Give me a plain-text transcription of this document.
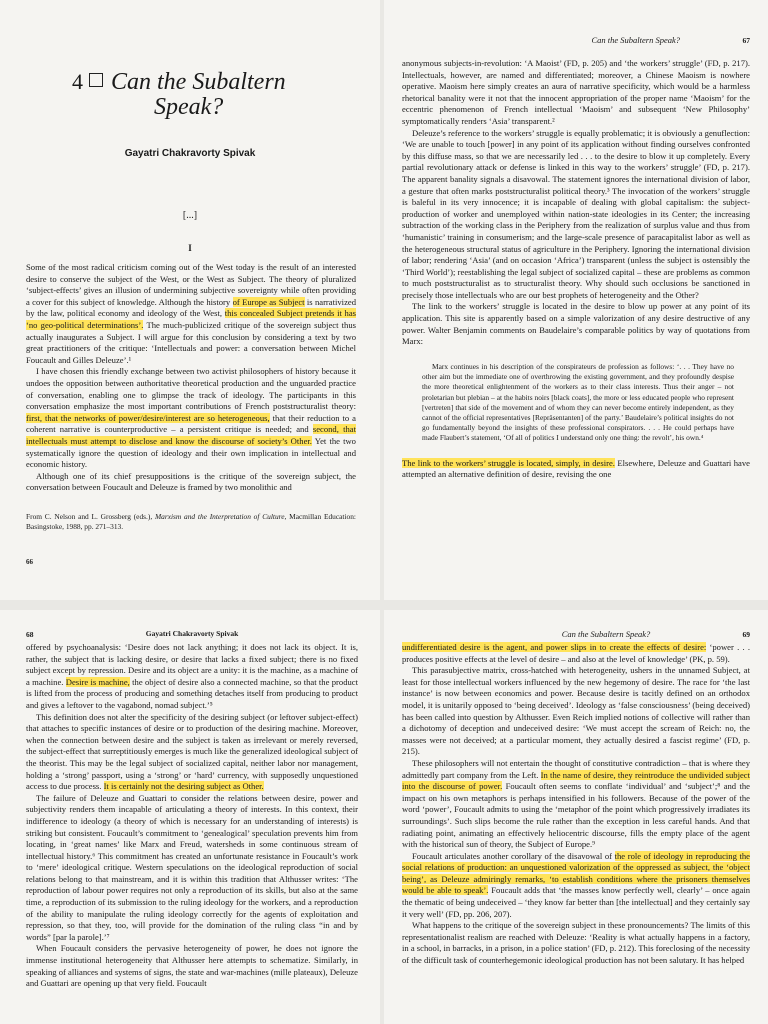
4 Can the Subaltern
Speak?
Gayatri Chakravorty Spivak
[...]
I

Some of the most radical criticism coming out of the West today is the result of an interested desire to conserve the subject of the West, or the West as Subject. The theory of pluralized ‘subject-effects’ gives an illusion of undermining subjective sovereignty while often providing a cover for this subject of knowledge. Although the history of Europe as Subject is narrativized by the law, political economy and ideology of the West, this concealed Subject pretends it has ‘no geo-political determinations’. The much-publicized critique of the sovereign subject thus actually inaugurates a Subject. I will argue for this conclusion by considering a text by two great practitioners of the critique: ‘Intellectuals and power: a conversation between Michel Foucault and Gilles Deleuze’.¹

I have chosen this friendly exchange between two activist philosophers of history because it undoes the opposition between authoritative theoretical production and the unguarded practice of conversation, enabling one to glimpse the track of ideology. The participants in this conversation emphasize the most important contributions of French poststructuralist theory: first, that the networks of power/desire/interest are so heterogeneous, that their reduction to a coherent narrative is counterproductive – a persistent critique is needed; and second, that intellectuals must attempt to disclose and know the discourse of society’s Other. Yet the two systematically ignore the question of ideology and their own implication in intellectual and economic history.

Although one of its chief presuppositions is the critique of the sovereign subject, the conversation between Foucault and Deleuze is framed by two monolithic and

From C. Nelson and L. Grossberg (eds.), Marxism and the Interpretation of Culture, Macmillan Education: Basingstoke, 1988, pp. 271–313.
66
Can the Subaltern Speak?	67

anonymous subjects-in-revolution: ‘A Maoist’ (FD, p. 205) and ‘the workers’ struggle’ (FD, p. 217). Intellectuals, however, are named and differentiated; moreover, a Chinese Maoism is nowhere operative. Maoism here simply creates an aura of narrative specificity, which would be a harmless rhetorical banality were it not that the innocent appropriation of the proper name ‘Maoism’ for the eccentric phenomenon of French intellectual ‘Maoism’ and subsequent ‘New Philosophy’ symptomatically renders ‘Asia’ transparent.²

Deleuze’s reference to the workers’ struggle is equally problematic; it is obviously a genuflection: ‘We are unable to touch [power] in any point of its application without finding ourselves confronted by this diffuse mass, so that we are necessarily led . . . to the desire to blow it up completely. Every partial revolutionary attack or defense is linked in this way to the workers’ struggle’ (FD, p. 217). The apparent banality signals a disavowal. The statement ignores the international division of labor, a gesture that often marks poststructuralist political theory.³ The invocation of the workers’ struggle is baleful in its very innocence; it is incapable of dealing with global capitalism: the subject-production of worker and unemployed within nation-state ideologies in its Center; the increasing subtraction of the working class in the Periphery from the realization of surplus value and thus from ‘humanistic’ training in consumerism; and the large-scale presence of paracapitalist labor as well as the heterogeneous structural status of agriculture in the Periphery. Ignoring the international division of labor; rendering ‘Asia’ (and on occasion ‘Africa’) transparent (unless the subject is ostensibly the ‘Third World’); reestablishing the legal subject of socialized capital – these are problems as common to much poststructuralist as to structuralist theory. Why should such occlusions be sanctioned in precisely those intellectuals who are our best prophets of heterogeneity and the Other?

The link to the workers’ struggle is located in the desire to blow up power at any point of its application. This site is apparently based on a simple valorization of any desire destructive of any power. Walter Benjamin comments on Baudelaire’s comparable politics by way of quotations from Marx:

Marx continues in his description of the conspirateurs de profession as follows: ‘. . . They have no other aim but the immediate one of overthrowing the existing government, and they profoundly despise the more theoretical enlightenment of the workers as to their class interests. Thus their anger – not proletarian but plebian – at the habits noirs [black coats], the more or less educated people who represent [vertreten] that side of the movement and of whom they can never become entirely independent, as they cannot of the official representatives [Repräsentanten] of the party.’ Baudelaire’s political insights do not go fundamentally beyond the insights of these professional conspirators. . . . He could perhaps have made Flaubert’s statement, ‘Of all of politics I understand only one thing: the revolt’, his own.⁴

The link to the workers’ struggle is located, simply, in desire. Elsewhere, Deleuze and Guattari have attempted an alternative definition of desire, revising the one

68	Gayatri Chakravorty Spivak

offered by psychoanalysis: ‘Desire does not lack anything; it does not lack its object. It is, rather, the subject that is lacking desire, or desire that lacks a fixed subject; there is no fixed subject except by repression. Desire and its object are a unity: it is the machine, as a machine of a machine. Desire is machine, the object of desire also a connected machine, so that the product is lifted from the process of producing and something detaches itself from producing to product and gives a leftover to the vagabond, nomad subject.’⁵

This definition does not alter the specificity of the desiring subject (or leftover subject-effect) that attaches to specific instances of desire or to production of the desiring machine. Moreover, when the connection between desire and the subject is taken as irrelevant or merely reversed, the subject-effect that surreptitiously emerges is much like the generalized ideological subject of the theorist. This may be the legal subject of socialized capital, neither labor nor management, holding a ‘strong’ passport, using a ‘strong’ or ‘hard’ currency, with supposedly unquestioned access to due process. It is certainly not the desiring subject as Other.

The failure of Deleuze and Guattari to consider the relations between desire, power and subjectivity renders them incapable of articulating a theory of interests. In this context, their indifference to ideology (a theory of which is necessary for an understanding of interests) is striking but consistent. Foucault’s commitment to ‘genealogical’ speculation prevents him from locating, in ‘great names’ like Marx and Freud, watersheds in some continuous stream of intellectual history.⁶ This commitment has created an unfortunate resistance in Foucault’s work to ‘mere’ ideological critique. Western speculations on the ideological reproduction of social relations belong to that mainstream, and it is within this tradition that Althusser writes: ‘The reproduction of labour power requires not only a reproduction of its skills, but also at the same time, a reproduction of its submission to the ruling ideology for the workers, and a reproduction of the ability to manipulate the ruling ideology correctly for the agents of exploitation and repression, so that they, too, will provide for the domination of the ruling class “in and by words” [par la parole].’⁷

When Foucault considers the pervasive heterogeneity of power, he does not ignore the immense institutional heterogeneity that Althusser here attempts to schematize. Similarly, in speaking of alliances and systems of signs, the state and war-machines (mille plateaux), Deleuze and Guattari are opening up that very field. Foucault

Can the Subaltern Speak?	69

undifferentiated desire is the agent, and power slips in to create the effects of desire: ‘power . . . produces positive effects at the level of desire – and also at the level of knowledge’ (PK, p. 59).

This parasubjective matrix, cross-hatched with heterogeneity, ushers in the unnamed Subject, at least for those intellectual workers influenced by the new hegemony of desire. The race for ‘the last instance’ is now between economics and power. Because desire is tacitly defined on an orthodox model, it is unitarily opposed to ‘being deceived’. Ideology as ‘false consciousness’ (being deceived) has been called into question by Althusser. Even Reich implied notions of collective will rather than a dichotomy of deception and undeceived desire: ‘We must accept the scream of Reich: no, the masses were not deceived; at a particular moment, they actually desired a fascist regime’ (FD, p. 215).

These philosophers will not entertain the thought of constitutive contradiction – that is where they admittedly part company from the Left. In the name of desire, they reintroduce the undivided subject into the discourse of power. Foucault often seems to conflate ‘individual’ and ‘subject’;⁸ and the impact on his own metaphors is perhaps intensified in his followers. Because of the power of the word ‘power’, Foucault admits to using the ‘metaphor of the point which progressively irradiates its surroundings’. Such slips become the rule rather than the exception in less careful hands. And that radiating point, animating an effectively heliocentric discourse, fills the empty place of the agent with the historical sun of theory, the Subject of Europe.⁹

Foucault articulates another corollary of the disavowal of the role of ideology in reproducing the social relations of production: an unquestioned valorization of the oppressed as subject, the ‘object being’, as Deleuze admiringly remarks, ‘to establish conditions where the prisoners themselves would be able to speak’. Foucault adds that ‘the masses know perfectly well, clearly’ – once again the thematic of being undeceived – ‘they know far better than [the intellectual] and they certainly say it very well’ (FD, pp. 206, 207).

What happens to the critique of the sovereign subject in these pronouncements? The limits of this representationalist realism are reached with Deleuze: ‘Reality is what actually happens in a factory, in a school, in barracks, in a prison, in a police station’ (FD, p. 212). This foreclosing of the necessity of the difficult task of counterhegemonic ideological production has not been salutary. It has helped
